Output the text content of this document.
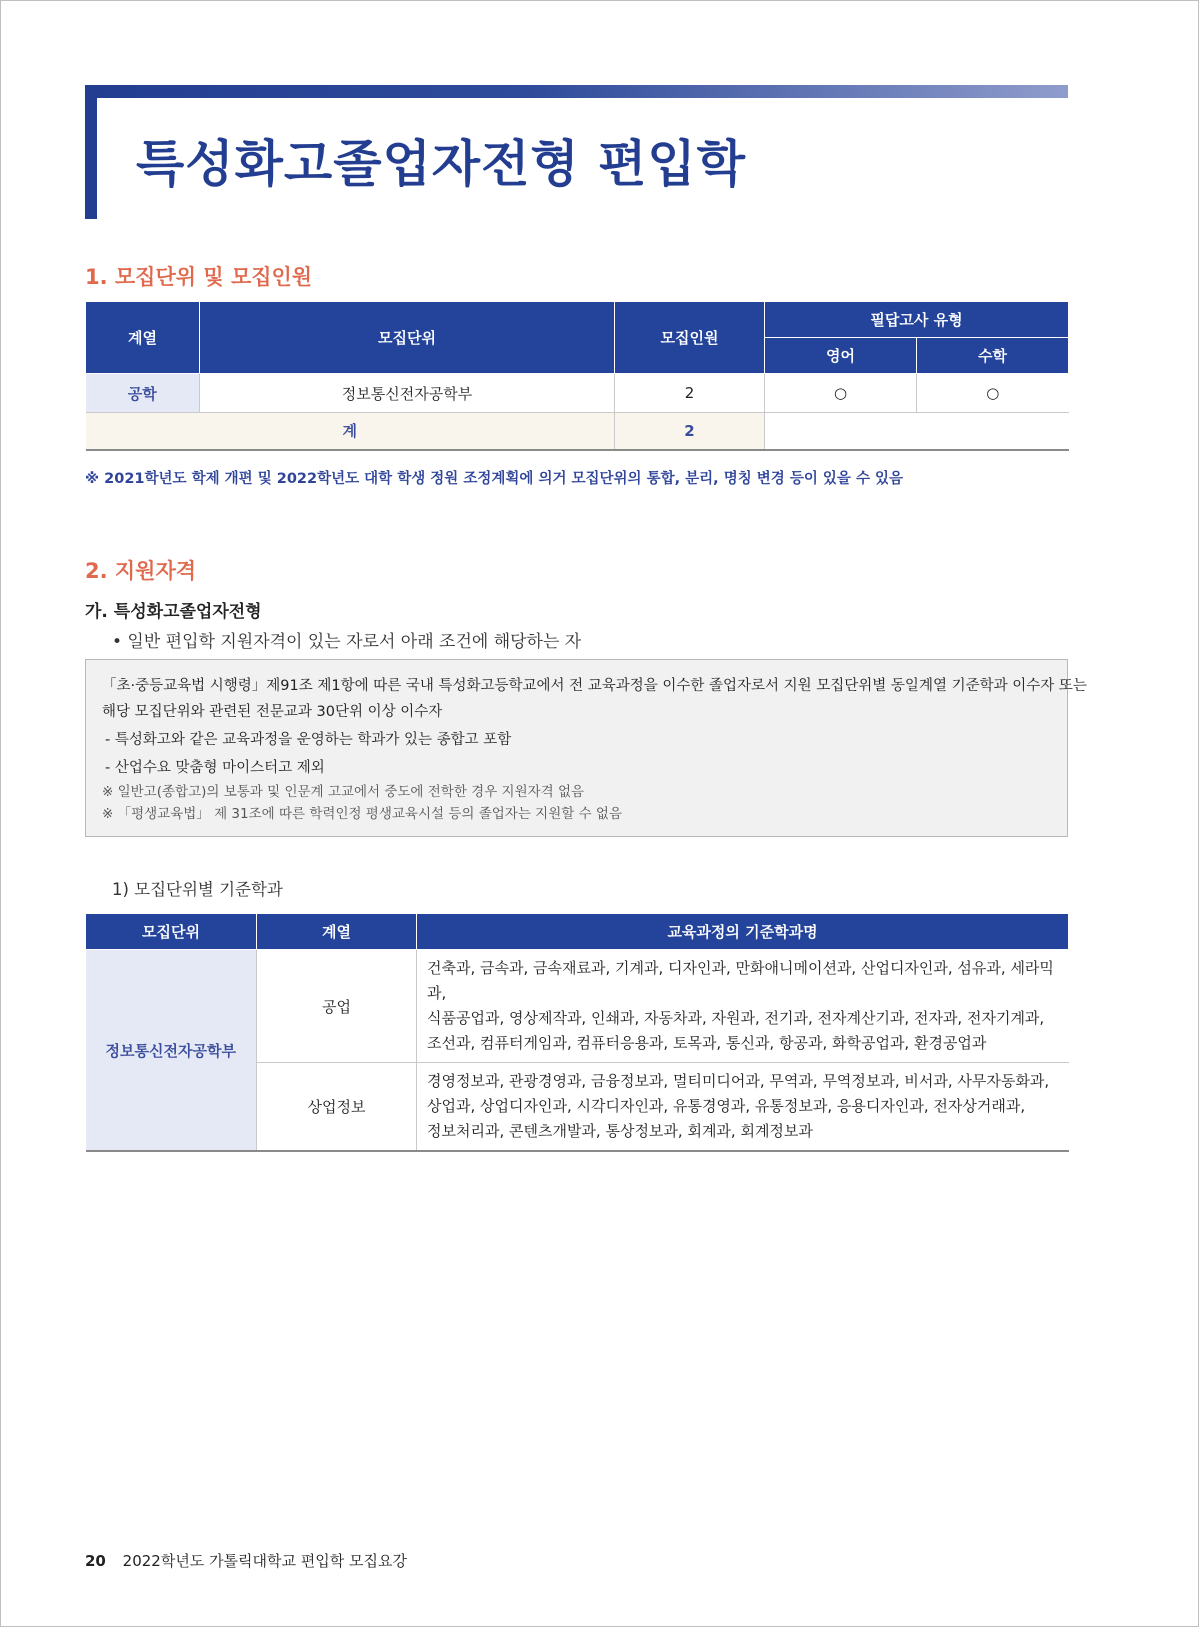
특성화고졸업자전형 편입학
1. 모집단위 및 모집인원
계열	모집단위	모집인원	필답고사 유형	
			영어	수학
공학	정보통신전자공학부	2	○	○
계		2		

※ 2021학년도 학제 개편 및 2022학년도 대학 학생 정원 조정계획에 의거 모집단위의 통합, 분리, 명칭 변경 등이 있을 수 있음

2. 지원자격
가. 특성화고졸업자전형

• 일반 편입학 지원자격이 있는 자로서 아래 조건에 해당하는 자

「초·중등교육법 시행령」제91조 제1항에 따른 국내 특성화고등학교에서 전 교육과정을 이수한 졸업자로서 지원 모집단위별 동일계열 기준학과 이수자 또는
해당 모집단위와 관련된 전문교과 30단위 이상 이수자
- 특성화고와 같은 교육과정을 운영하는 학과가 있는 종합고 포함
- 산업수요 맞춤형 마이스터고 제외
※ 일반고(종합고)의 보통과 및 인문계 고교에서 중도에 전학한 경우 지원자격 없음
※ 「평생교육법」 제 31조에 따른 학력인정 평생교육시설 등의 졸업자는 지원할 수 없음

1) 모집단위별 기준학과

모집단위	계열	교육과정의 기준학과명
정보통신전자공학부	공업	건축과, 금속과, 금속재료과, 기계과, 디자인과, 만화애니메이션과, 산업디자인과, 섬유과, 세라믹과,
식품공업과, 영상제작과, 인쇄과, 자동차과, 자원과, 전기과, 전자계산기과, 전자과, 전자기계과,
조선과, 컴퓨터게임과, 컴퓨터응용과, 토목과, 통신과, 항공과, 화학공업과, 환경공업과

	상업정보	경영정보과, 관광경영과, 금융정보과, 멀티미디어과, 무역과, 무역정보과, 비서과, 사무자동화과,
상업과, 상업디자인과, 시각디자인과, 유통경영과, 유통정보과, 응용디자인과, 전자상거래과,
정보처리과, 콘텐츠개발과, 통상정보과, 회계과, 회계정보과
20 2022학년도 가톨릭대학교 편입학 모집요강
